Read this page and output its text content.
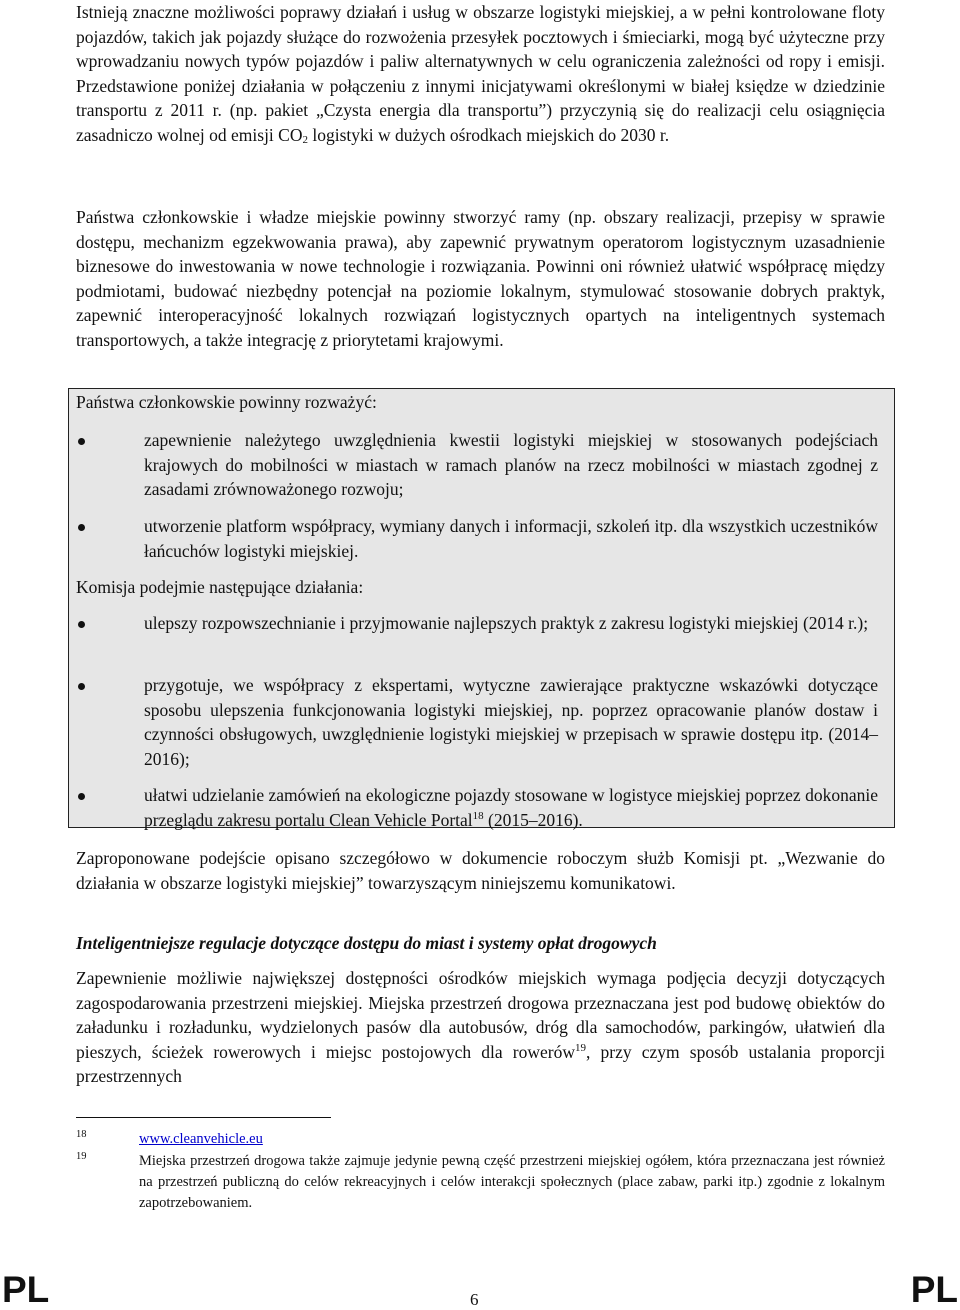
Istnieją znaczne możliwości poprawy działań i usług w obszarze logistyki miejskiej, a w pełni kontrolowane floty pojazdów, takich jak pojazdy służące do rozwożenia przesyłek pocztowych i śmieciarki, mogą być użyteczne przy wprowadzaniu nowych typów pojazdów i paliw alternatywnych w celu ograniczenia zależności od ropy i emisji. Przedstawione poniżej działania w połączeniu z innymi inicjatywami określonymi w białej księdze w dziedzinie transportu z 2011 r. (np. pakiet „Czysta energia dla transportu”) przyczynią się do realizacji celu osiągnięcia zasadniczo wolnej od emisji $CO_2$ logistyki w dużych ośrodkach miejskich do 2030 r.

Państwa członkowskie i władze miejskie powinny stworzyć ramy (np. obszary realizacji, przepisy w sprawie dostępu, mechanizm egzekwowania prawa), aby zapewnić prywatnym operatorom logistycznym uzasadnienie biznesowe do inwestowania w nowe technologie i rozwiązania. Powinni oni również ułatwić współpracę między podmiotami, budować niezbędny potencjał na poziomie lokalnym, stymulować stosowanie dobrych praktyk, zapewnić interoperacyjność lokalnych rozwiązań logistycznych opartych na inteligentnych systemach transportowych, a także integrację z priorytetami krajowymi.

Państwa członkowskie powinny rozważyć:

zapewnienie należytego uwzględnienia kwestii logistyki miejskiej w stosowanych podejściach krajowych do mobilności w miastach w ramach planów na rzecz mobilności w miastach zgodnej z zasadami zrównoważonego rozwoju;

utworzenie platform współpracy, wymiany danych i informacji, szkoleń itp. dla wszystkich uczestników łańcuchów logistyki miejskiej.

Komisja podejmie następujące działania:

ulepszy rozpowszechnianie i przyjmowanie najlepszych praktyk z zakresu logistyki miejskiej (2014 r.);

przygotuje, we współpracy z ekspertami, wytyczne zawierające praktyczne wskazówki dotyczące sposobu ulepszenia funkcjonowania logistyki miejskiej, np. poprzez opracowanie planów dostaw i czynności obsługowych, uwzględnienie logistyki miejskiej w przepisach w sprawie dostępu itp. (2014–2016);

ułatwi udzielanie zamówień na ekologiczne pojazdy stosowane w logistyce miejskiej poprzez dokonanie przeglądu zakresu portalu Clean Vehicle Portal$^{18}$ (2015–2016).

Zaproponowane podejście opisano szczegółowo w dokumencie roboczym służb Komisji pt. „Wezwanie do działania w obszarze logistyki miejskiej” towarzyszącym niniejszemu komunikatowi.

Inteligentniejsze regulacje dotyczące dostępu do miast i systemy opłat drogowych

Zapewnienie możliwie największej dostępności ośrodków miejskich wymaga podjęcia decyzji dotyczących zagospodarowania przestrzeni miejskiej. Miejska przestrzeń drogowa przeznaczana jest pod budowę obiektów do załadunku i rozładunku, wydzielonych pasów dla autobusów, dróg dla samochodów, parkingów, ułatwień dla pieszych, ścieżek rowerowych i miejsc postojowych dla rowerów$^{19}$, przy czym sposób ustalania proporcji przestrzennych

18	www.cleanvehicle.eu
19	Miejska przestrzeń drogowa także zajmuje jedynie pewną część przestrzeni miejskiej ogółem, która przeznaczana jest również na przestrzeń publiczną do celów rekreacyjnych i celów interakcji społecznych (place zabaw, parki itp.) zgodnie z lokalnym zapotrzebowaniem.
PL	6	PL
